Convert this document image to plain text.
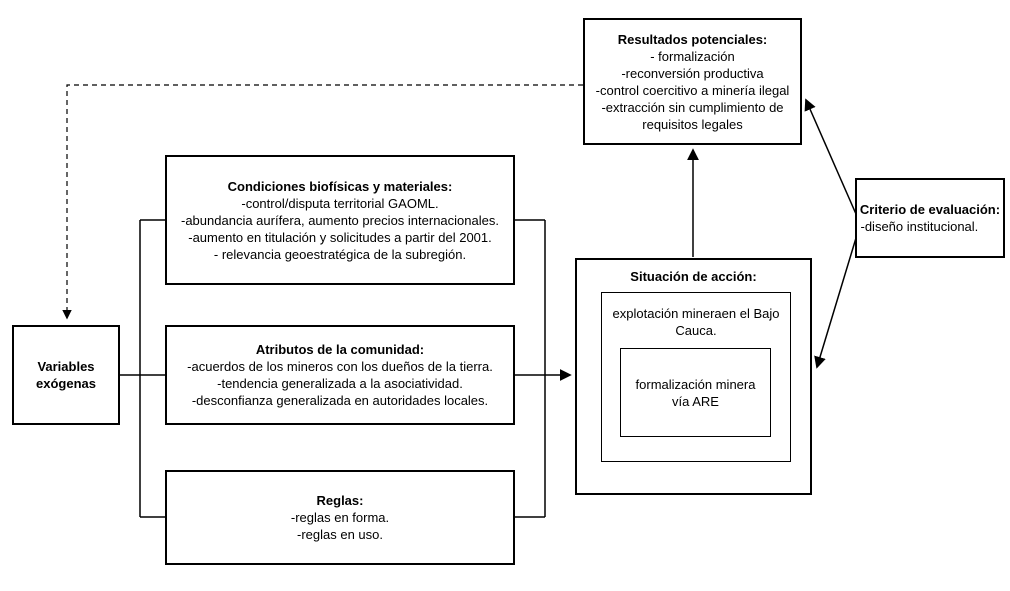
Variables exógenas
Condiciones biofísicas y materiales:
-control/disputa territorial GAOML.
-abundancia aurífera, aumento precios internacionales.
-aumento en titulación y solicitudes a partir del 2001.
- relevancia geoestratégica de la subregión.
Atributos de la comunidad:
-acuerdos de los mineros con los dueños de la tierra.
-tendencia generalizada a la asociatividad.
-desconfianza generalizada en autoridades locales.
Reglas:
-reglas en forma.
-reglas en uso.
Situación de acción:
explotación mineraen el Bajo Cauca.
formalización minera vía ARE
Resultados potenciales:
- formalización
-reconversión productiva
-control coercitivo a minería ilegal
-extracción sin cumplimiento de requisitos legales
Criterio de evaluación:
-diseño institucional.
